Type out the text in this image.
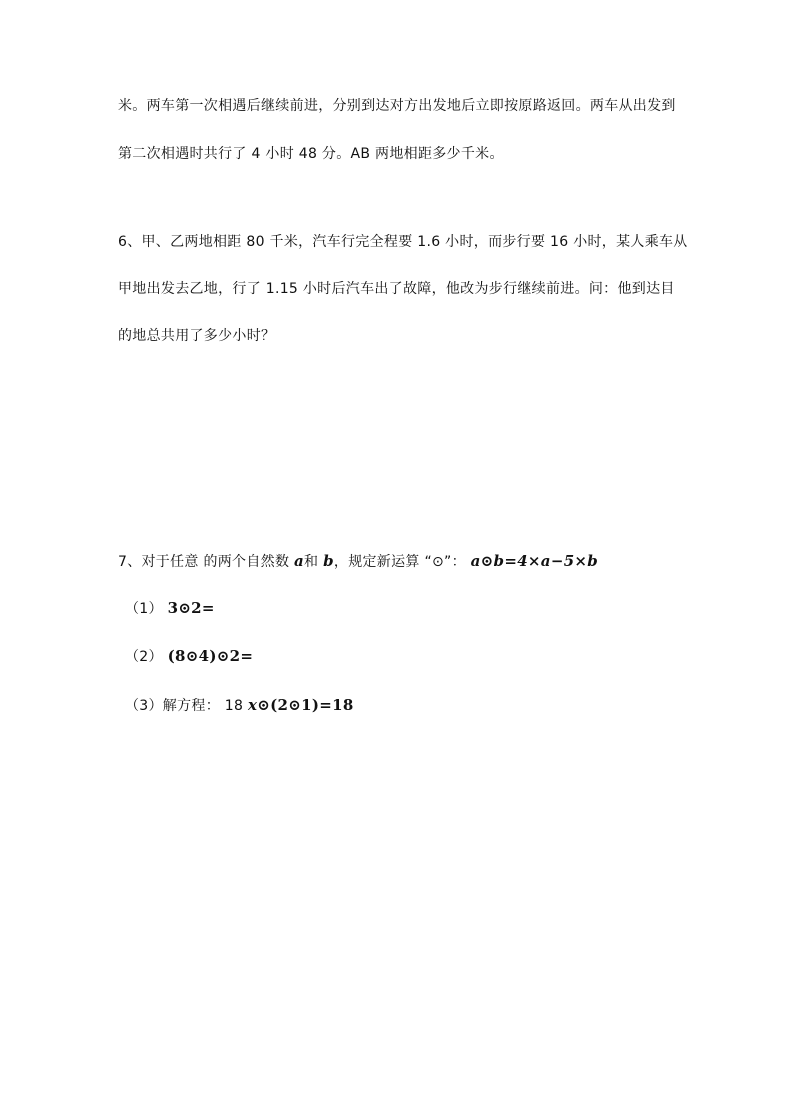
米。两车第一次相遇后继续前进，分别到达对方出发地后立即按原路返回。两车从出发到
第二次相遇时共行了 4 小时 48 分。AB 两地相距多少千米。
6、甲、乙两地相距 80 千米，汽车行完全程要 1.6 小时，而步行要 16 小时，某人乘车从
甲地出发去乙地，行了 1.15 小时后汽车出了故障，他改为步行继续前进。问：他到达目
的地总共用了多少小时？
7、对于任意 的两个自然数 a和 b，规定新运算 “⊙”： a⊙b=4×a−5×b
（1） 3⊙2=
（2） (8⊙4)⊙2=
（3）解方程： 18 x⊙(2⊙1)=18
